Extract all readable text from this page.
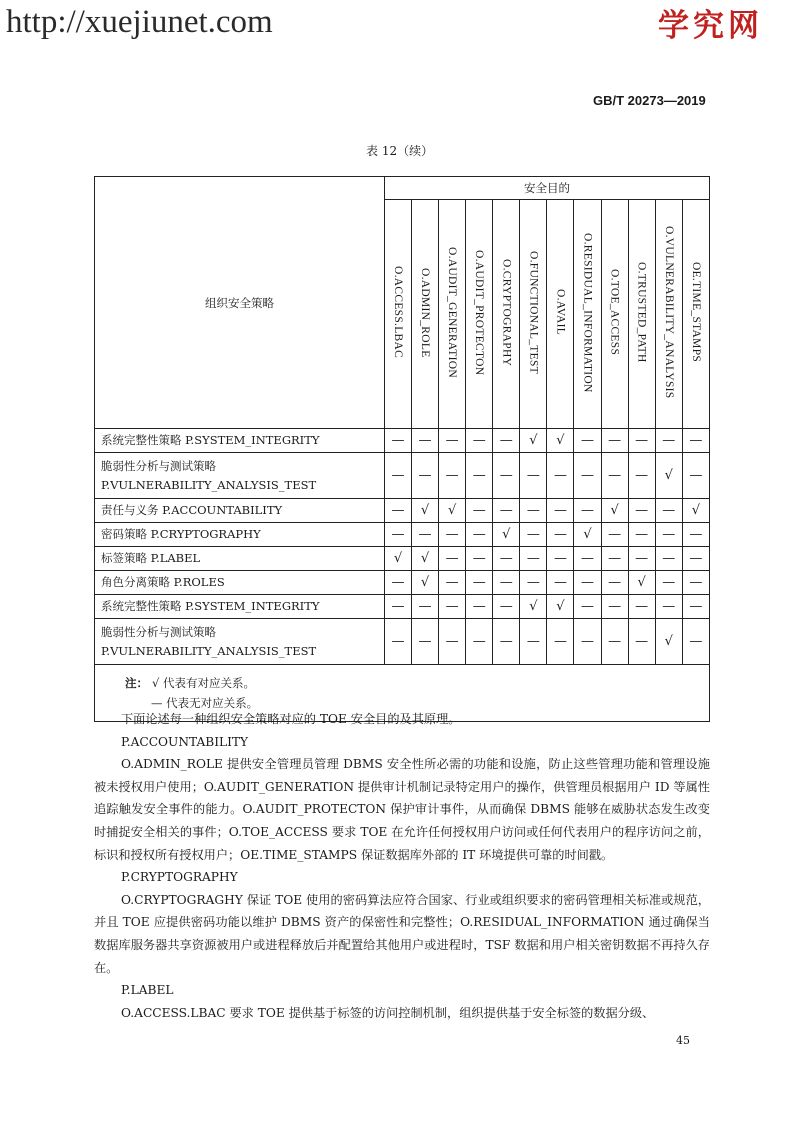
http://xuejiunet.com	学究网
GB/T 20273—2019
表 12（续）
组织安全策略	安全目的											
	O.ACCESS.LBAC	O.ADMIN_ROLE	O.AUDIT_GENERATION	O.AUDIT_PROTECTON	O.CRYPTOGRAPHY	O.FUNCTIONAL_TEST	O.AVAIL	O.RESIDUAL_INFORMATION	O.TOE_ACCESS	O.TRUSTED_PATH	O.VULNERABILITY_ANALYSIS	OE.TIME_STAMPS
系统完整性策略 P.SYSTEM_INTEGRITY	—	—	—	—	—	√	√	—	—	—	—	—
脆弱性分析与测试策略
P.VULNERABILITY_ANALYSIS_TEST	—	—	—	—	—	—	—	—	—	—	√	—
责任与义务 P.ACCOUNTABILITY	—	√	√	—	—	—	—	—	√	—	—	√
密码策略 P.CRYPTOGRAPHY	—	—	—	—	√	—	—	√	—	—	—	—
标签策略 P.LABEL	√	√	—	—	—	—	—	—	—	—	—	—
角色分离策略 P.ROLES	—	√	—	—	—	—	—	—	—	√	—	—
系统完整性策略 P.SYSTEM_INTEGRITY	—	—	—	—	—	√	√	—	—	—	—	—
脆弱性分析与测试策略
P.VULNERABILITY_ANALYSIS_TEST	—	—	—	—	—	—	—	—	—	—	√	—
注： √ 代表有对应关系。
— 代表无对应关系。												

下面论述每一种组织安全策略对应的 TOE 安全目的及其原理。

P.ACCOUNTABILITY

O.ADMIN_ROLE 提供安全管理员管理 DBMS 安全性所必需的功能和设施，防止这些管理功能和管理设施被未授权用户使用；O.AUDIT_GENERATION 提供审计机制记录特定用户的操作，供管理员根据用户 ID 等属性追踪触发安全事件的能力。O.AUDIT_PROTECTON 保护审计事件，从而确保 DBMS 能够在威胁状态发生改变时捕捉安全相关的事件；O.TOE_ACCESS 要求 TOE 在允许任何授权用户访问或任何代表用户的程序访问之前，标识和授权所有授权用户；OE.TIME_STAMPS 保证数据库外部的 IT 环境提供可靠的时间戳。

P.CRYPTOGRAPHY

O.CRYPTOGRAGHY 保证 TOE 使用的密码算法应符合国家、行业或组织要求的密码管理相关标准或规范，并且 TOE 应提供密码功能以维护 DBMS 资产的保密性和完整性；O.RESIDUAL_INFORMATION 通过确保当数据库服务器共享资源被用户或进程释放后并配置给其他用户或进程时，TSF 数据和用户相关密钥数据不再持久存在。

P.LABEL

O.ACCESS.LBAC 要求 TOE 提供基于标签的访问控制机制，组织提供基于安全标签的数据分级、

45
